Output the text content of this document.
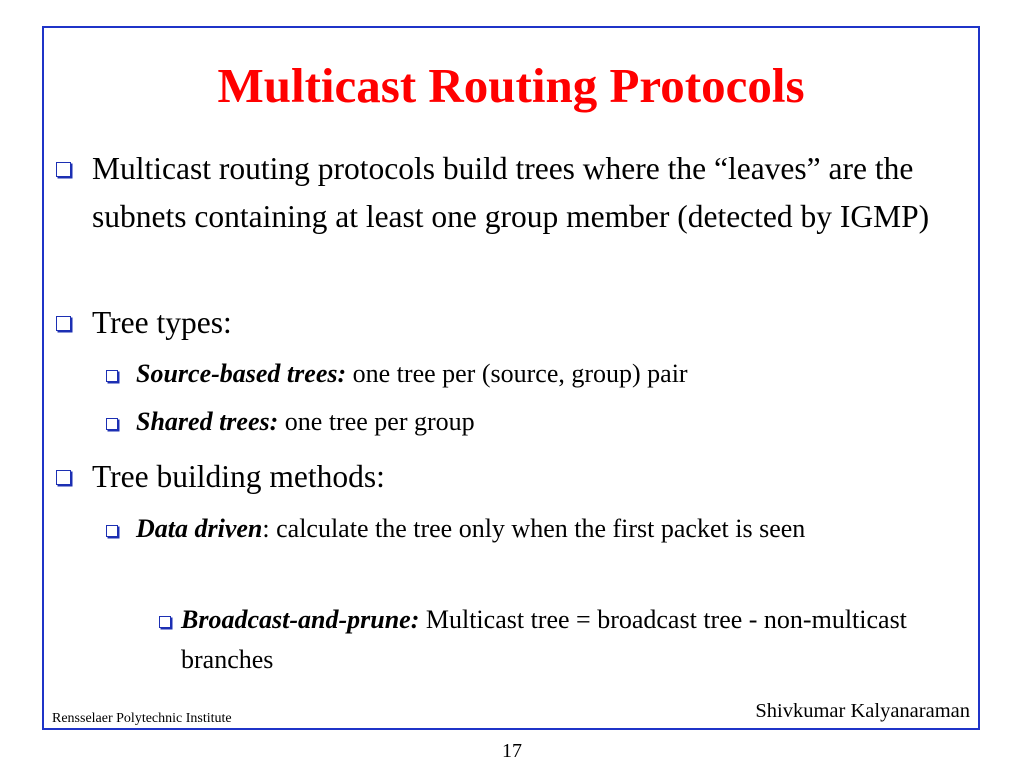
Multicast Routing Protocols
Multicast routing protocols build trees where the “leaves” are the subnets containing at least one group member (detected by IGMP)
Tree types:
Source-based trees: one tree per (source, group) pair
Shared trees: one tree per group
Tree building methods:
Data driven: calculate the tree only when the first packet is seen
Broadcast-and-prune: Multicast tree = broadcast tree - non-multicast branches
Rensselaer Polytechnic Institute	Shivkumar Kalyanaraman
17
